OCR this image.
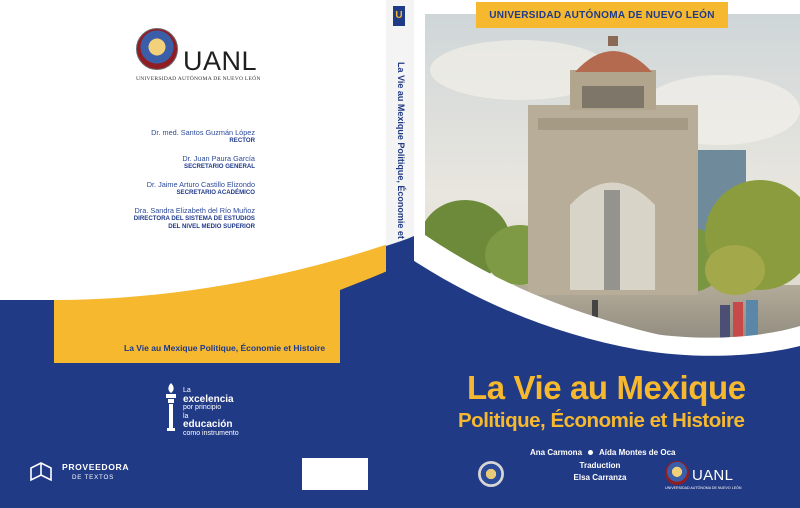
UANL
UNIVERSIDAD AUTÓNOMA DE NUEVO LEÓN
Dr. med. Santos Guzmán López
RECTOR
Dr. Juan Paura García
SECRETARIO GENERAL
Dr. Jaime Arturo Castillo Elizondo
SECRETARIO ACADÉMICO
Dra. Sandra Elizabeth del Río Muñoz
DIRECTORA DEL SISTEMA DE ESTUDIOS
DEL NIVEL MEDIO SUPERIOR
La Vie au Mexique Politique, Économie et Histoire
La
excelencia
por principio
la
educación
como instrumento
PROVEEDORA
DE TEXTOS
U
La Vie au Mexique Politique, Économie et Histoire
UNIVERSIDAD AUTÓNOMA DE NUEVO LEÓN
La Vie au Mexique
Politique, Économie et Histoire
Ana Carmona Aída Montes de Oca
Traduction
Elsa Carranza	UANL
UNIVERSIDAD AUTÓNOMA DE NUEVO LEÓN
